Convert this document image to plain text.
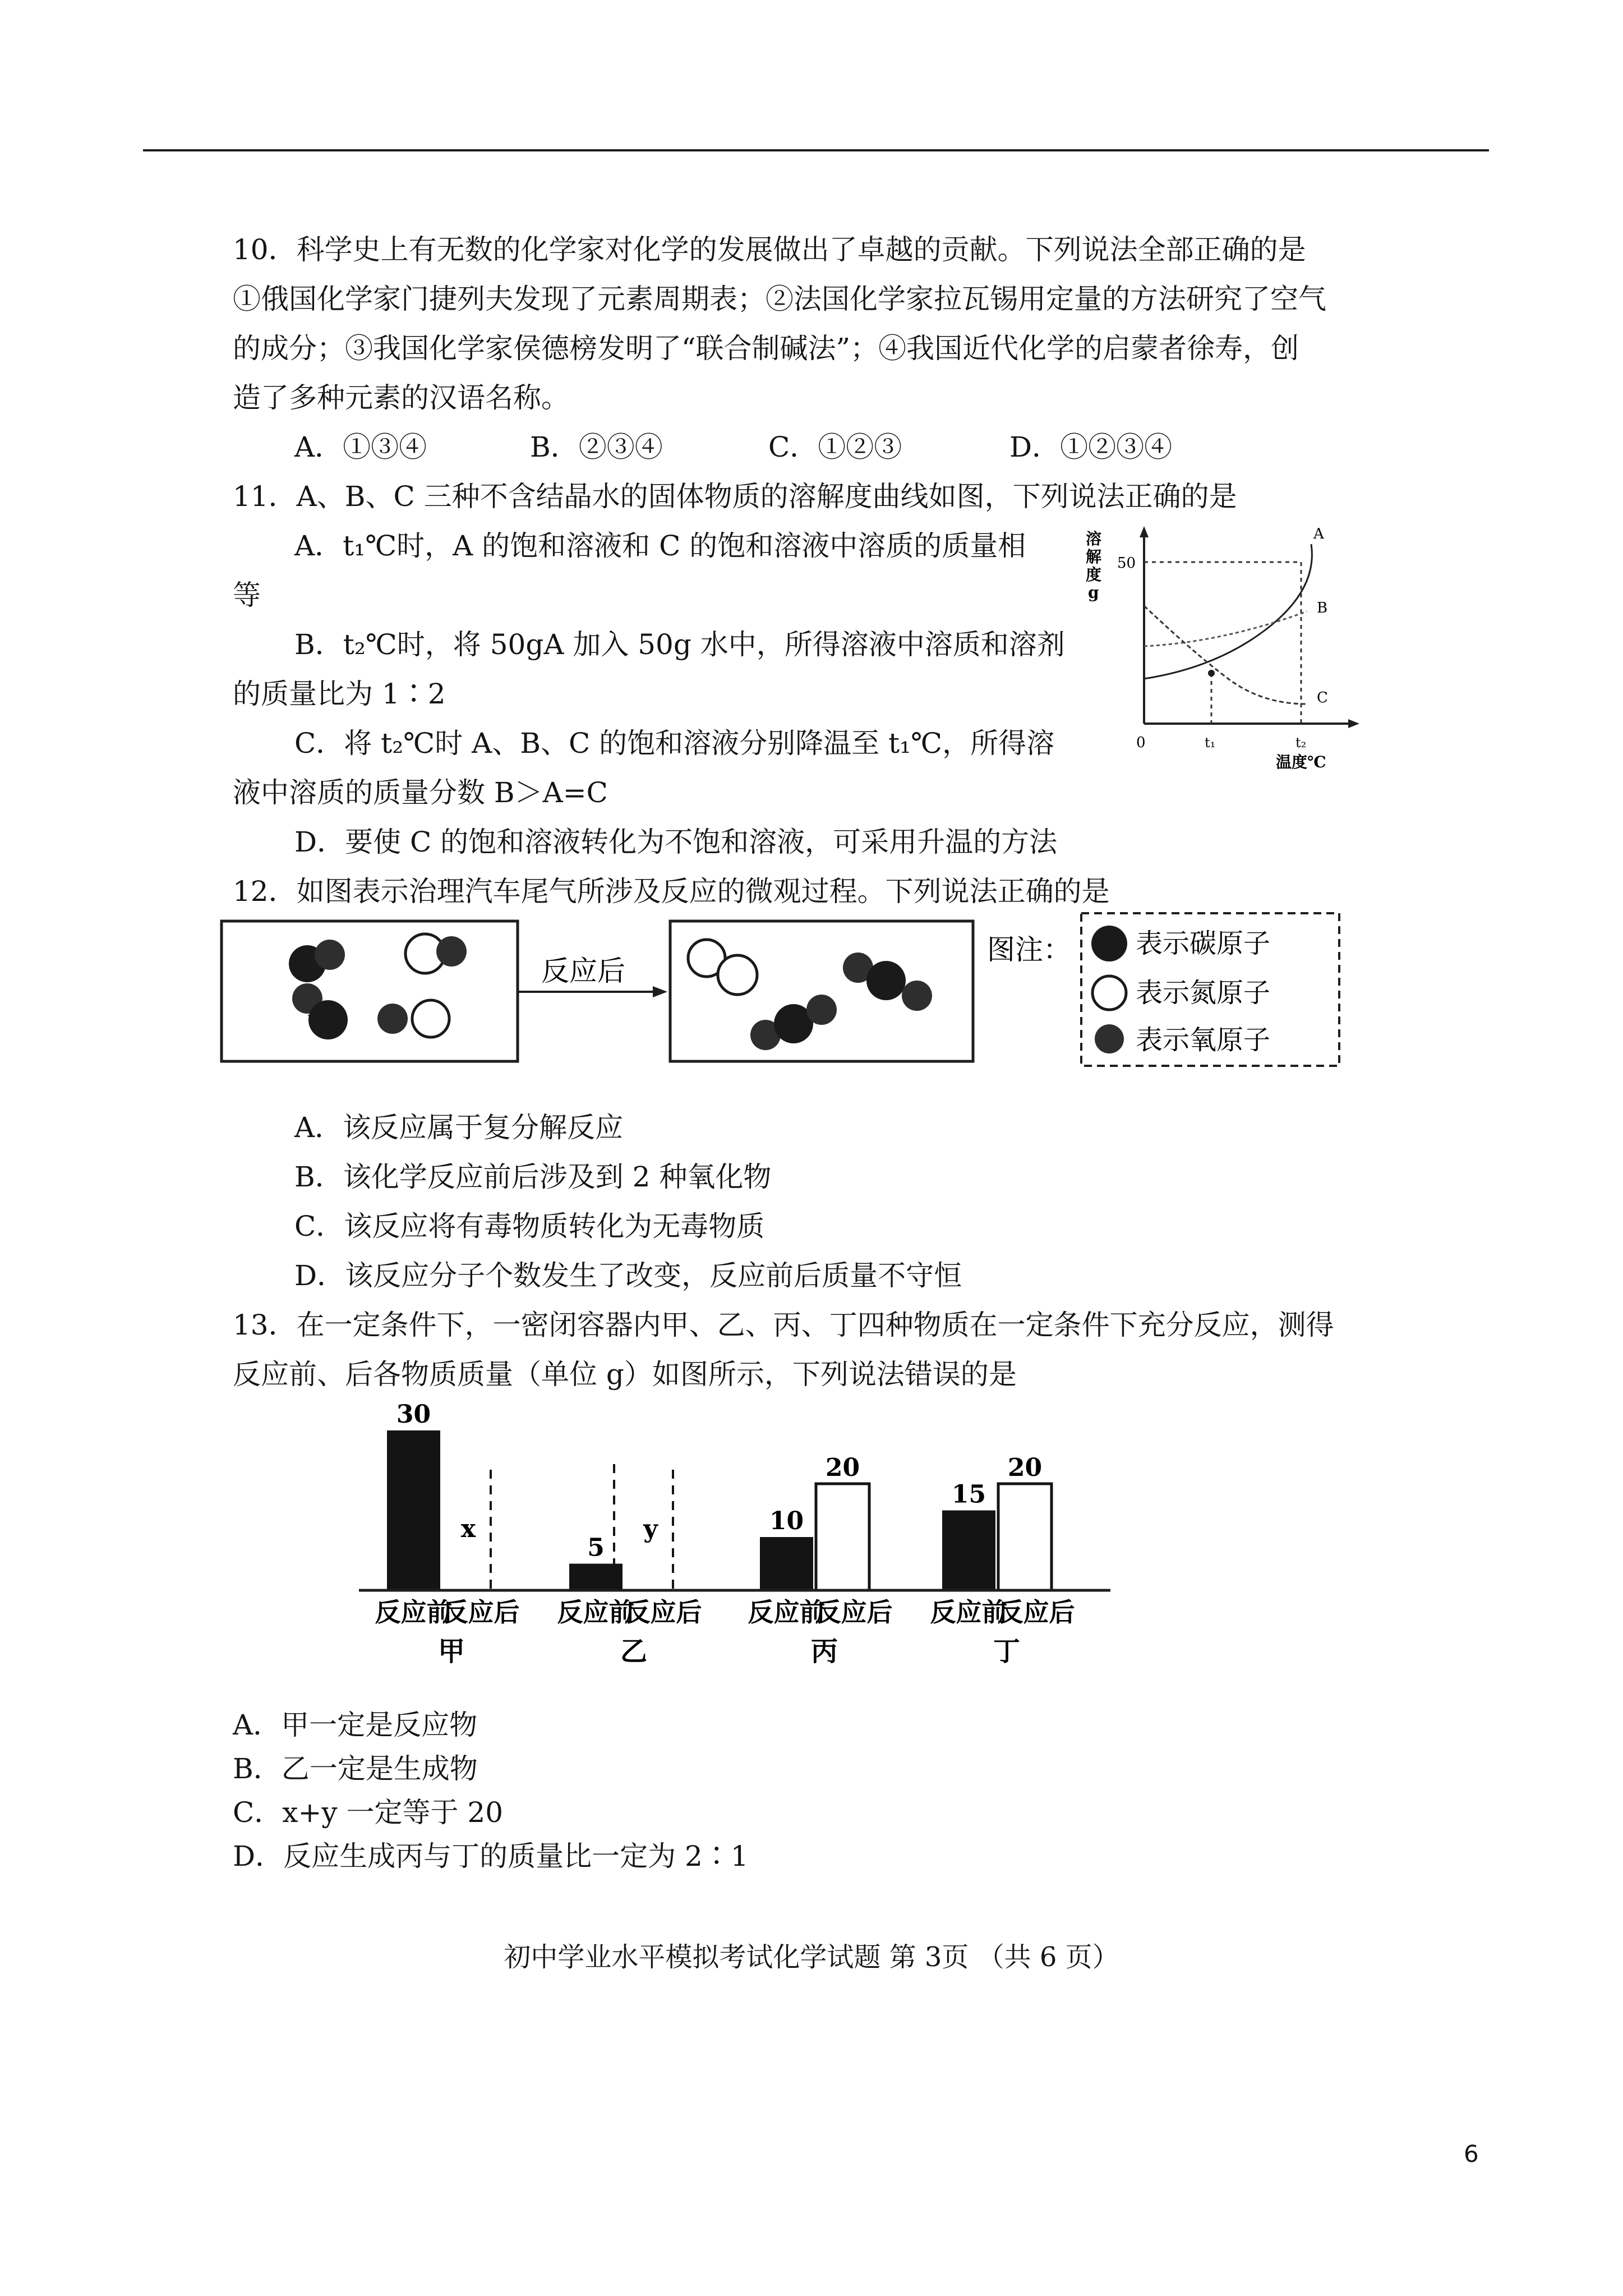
10．科学史上有无数的化学家对化学的发展做出了卓越的贡献。下列说法全部正确的是
①俄国化学家门捷列夫发现了元素周期表；②法国化学家拉瓦锡用定量的方法研究了空气
的成分；③我国化学家侯德榜发明了“联合制碱法”；④我国近代化学的启蒙者徐寿，创
造了多种元素的汉语名称。
A．①③④	B．②③④	C．①②③	D．①②③④
11．A、B、C 三种不含结晶水的固体物质的溶解度曲线如图，下列说法正确的是
A．t₁℃时，A 的饱和溶液和 C 的饱和溶液中溶质的质量相
等
B．t₂℃时，将 50gA 加入 50g 水中，所得溶液中溶质和溶剂
的质量比为 1∶2
C．将 t₂℃时 A、B、C 的饱和溶液分别降温至 t₁℃，所得溶
液中溶质的质量分数 B＞A=C
D．要使 C 的饱和溶液转化为不饱和溶液，可采用升温的方法
溶
解
度
g
50
A
B
C
0	t₁	t₂
温度℃
12．如图表示治理汽车尾气所涉及反应的微观过程。下列说法正确的是
反应后
图注： 表示碳原子
表示氮原子
表示氧原子
A．该反应属于复分解反应
B．该化学反应前后涉及到 2 种氧化物
C．该反应将有毒物质转化为无毒物质
D．该反应分子个数发生了改变，反应前后质量不守恒
13．在一定条件下，一密闭容器内甲、乙、丙、丁四种物质在一定条件下充分反应，测得
反应前、后各物质质量（单位 g）如图所示，下列说法错误的是
30
x
反应前
反应后
甲
5
y
反应前
反应后
乙
10
20
反应前
反应后
丙
15
20
反应前
反应后
丁
A．甲一定是反应物
B．乙一定是生成物
C．x+y 一定等于 20
D．反应生成丙与丁的质量比一定为 2∶1
初中学业水平模拟考试化学试题 第 3页 （共 6 页）
6
